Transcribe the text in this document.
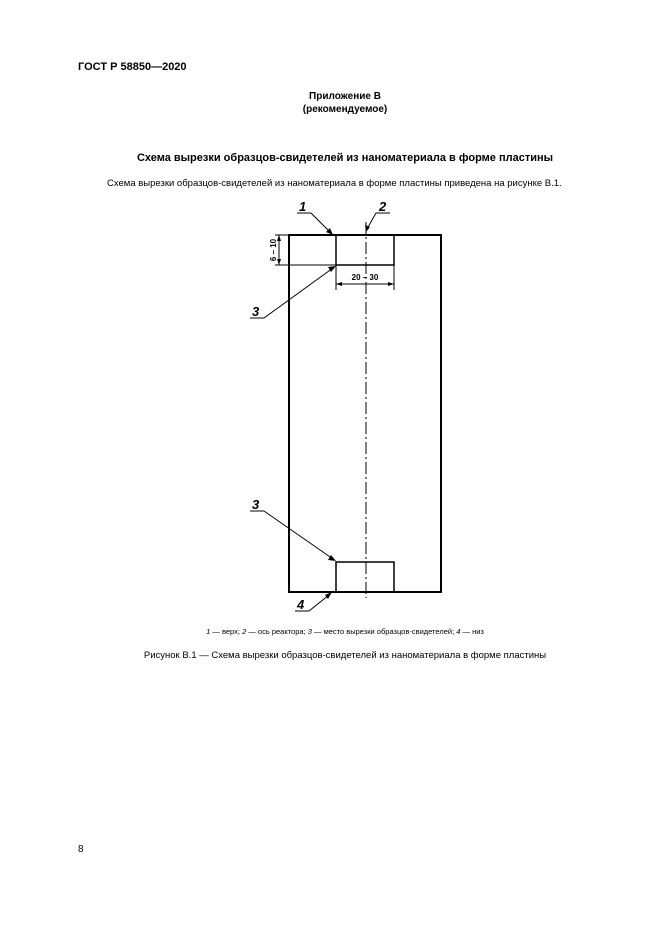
ГОСТ Р 58850—2020
Приложение В
(рекомендуемое)
Схема вырезки образцов-свидетелей из наноматериала в форме пластины
Схема вырезки образцов-свидетелей из наноматериала в форме пластины приведена на рисунке В.1.
6 – 10
20 – 30
1	2
3
3
4
1 — верх; 2 — ось реактора; 3 — место вырезки образцов-свидетелей; 4 — низ
Рисунок В.1 — Схема вырезки образцов-свидетелей из наноматериала в форме пластины
8
